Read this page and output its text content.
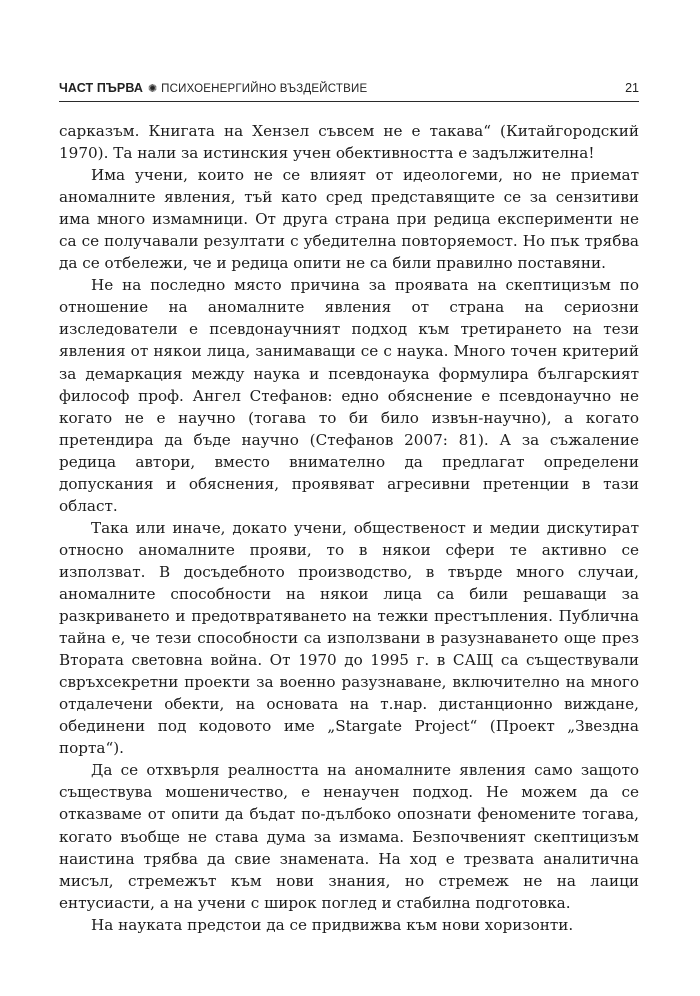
ЧАСТ ПЪРВА ✺ ПСИХОЕНЕРГИЙНО ВЪЗДЕЙСТВИЕ	21

сарказъм. Книгата на Хензел съвсем не е такава“ (Китайгородский 1970). Та нали за истинския учен обективността е задължителна!

Има учени, които не се влияят от идеологеми, но не приемат аномалните явления, тъй като сред представящите се за сензитиви има много измамници. От друга страна при редица експерименти не са се получавали резултати с убедителна повторяемост. Но пък трябва да се отбележи, че и редица опити не са били правилно поставяни.

Не на последно място причина за проявата на скептицизъм по отношение на аномалните явления от страна на сериозни изследователи е псевдонаучният подход към третирането на тези явления от някои лица, занимаващи се с наука. Много точен критерий за демаркация между наука и псевдонаука формулира българският философ проф. Ангел Стефанов: едно обяснение е псевдонаучно не когато не е научно (тогава то би било извън-научно), а когато претендира да бъде научно (Стефанов 2007: 81). А за съжаление редица автори, вместо внимателно да предлагат определени допускания и обяснения, проявяват агресивни претенции в тази област.

Така или иначе, докато учени, общественост и медии дискутират относно аномалните прояви, то в някои сфери те активно се използват. В досъдебното производство, в твърде много случаи, аномалните способности на някои лица са били решаващи за разкриването и предотвратяването на тежки престъпления. Публична тайна е, че тези способности са използвани в разузнаването още през Втората световна война. От 1970 до 1995 г. в САЩ са съществували свръхсекретни проекти за военно разузнаване, включително на много отдалечени обекти, на основата на т.нар. дистанционно виждане, обединени под кодовото име „Stargate Project“ (Проект „Звездна порта“).

Да се отхвърля реалността на аномалните явления само защото съществува мошеничество, е ненаучен подход. Не можем да се отказваме от опити да бъдат по-дълбоко опознати феномените тогава, когато въобще не става дума за измама. Безпочвеният скептицизъм наистина трябва да свие знамената. На ход е трезвата аналитична мисъл, стремежът към нови знания, но стремеж не на лаици ентусиасти, а на учени с широк поглед и стабилна подготовка.

На науката предстои да се придвижва към нови хоризонти.
